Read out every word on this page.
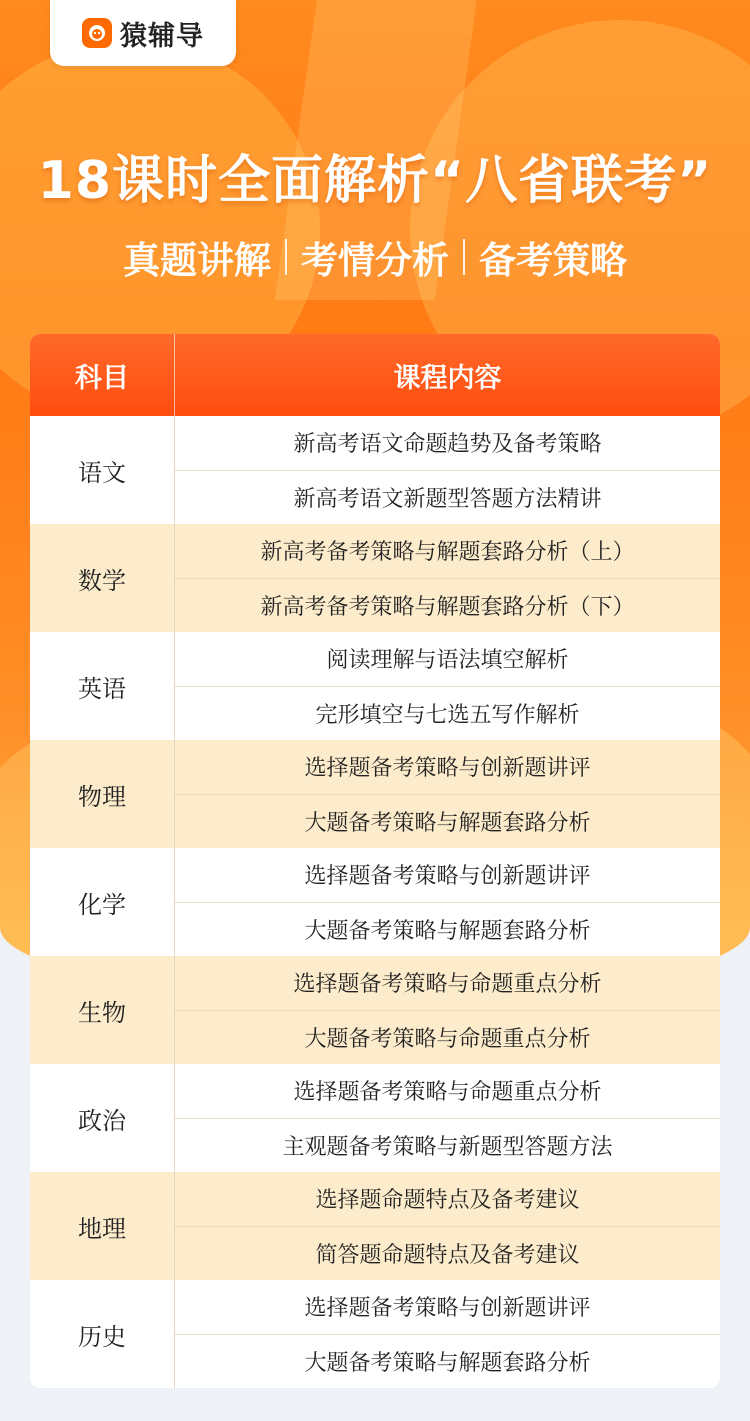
猿辅导
18课时全面解析“八省联考”
真题讲解 考情分析 备考策略
科目	课程内容
语文
新高考语文命题趋势及备考策略
新高考语文新题型答题方法精讲
数学
新高考备考策略与解题套路分析（上）
新高考备考策略与解题套路分析（下）
英语
阅读理解与语法填空解析
完形填空与七选五写作解析
物理
选择题备考策略与创新题讲评
大题备考策略与解题套路分析
化学
选择题备考策略与创新题讲评
大题备考策略与解题套路分析
生物
选择题备考策略与命题重点分析
大题备考策略与命题重点分析
政治
选择题备考策略与命题重点分析
主观题备考策略与新题型答题方法
地理
选择题命题特点及备考建议
简答题命题特点及备考建议
历史
选择题备考策略与创新题讲评
大题备考策略与解题套路分析
